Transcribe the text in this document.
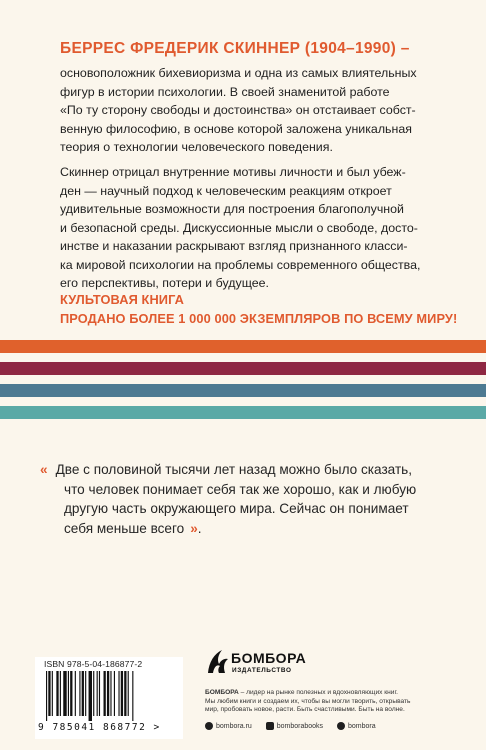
БЕРРЕС ФРЕДЕРИК СКИННЕР (1904–1990) –
основоположник бихевиоризма и одна из самых влиятельных
фигур в истории психологии. В своей знаменитой работе
«По ту сторону свободы и достоинства» он отстаивает собст-
венную философию, в основе которой заложена уникальная
теория о технологии человеческого поведения.
Скиннер отрицал внутренние мотивы личности и был убеж-
ден — научный подход к человеческим реакциям откроет
удивительные возможности для построения благополучной
и безопасной среды. Дискуссионные мысли о свободе, досто-
инстве и наказании раскрывают взгляд признанного класси-
ка мировой психологии на проблемы современного общества,
его перспективы, потери и будущее.
КУЛЬТОВАЯ КНИГА
ПРОДАНО БОЛЕЕ 1 000 000 ЭКЗЕМПЛЯРОВ ПО ВСЕМУ МИРУ!
« Две с половиной тысячи лет назад можно было сказать,
что человек понимает себя так же хорошо, как и любую
другую часть окружающего мира. Сейчас он понимает
себя меньше всего ».
ISBN 978-5-04-186877-2
9 785041 868772 >
БОМБОРА
ИЗДАТЕЛЬСТВО
БОМБОРА – лидер на рынке полезных и вдохновляющих книг.
Мы любим книги и создаем их, чтобы вы могли творить, открывать
мир, пробовать новое, расти. Быть счастливыми. Быть на волне.
bombora.ru
	bomborabooks
	bombora
